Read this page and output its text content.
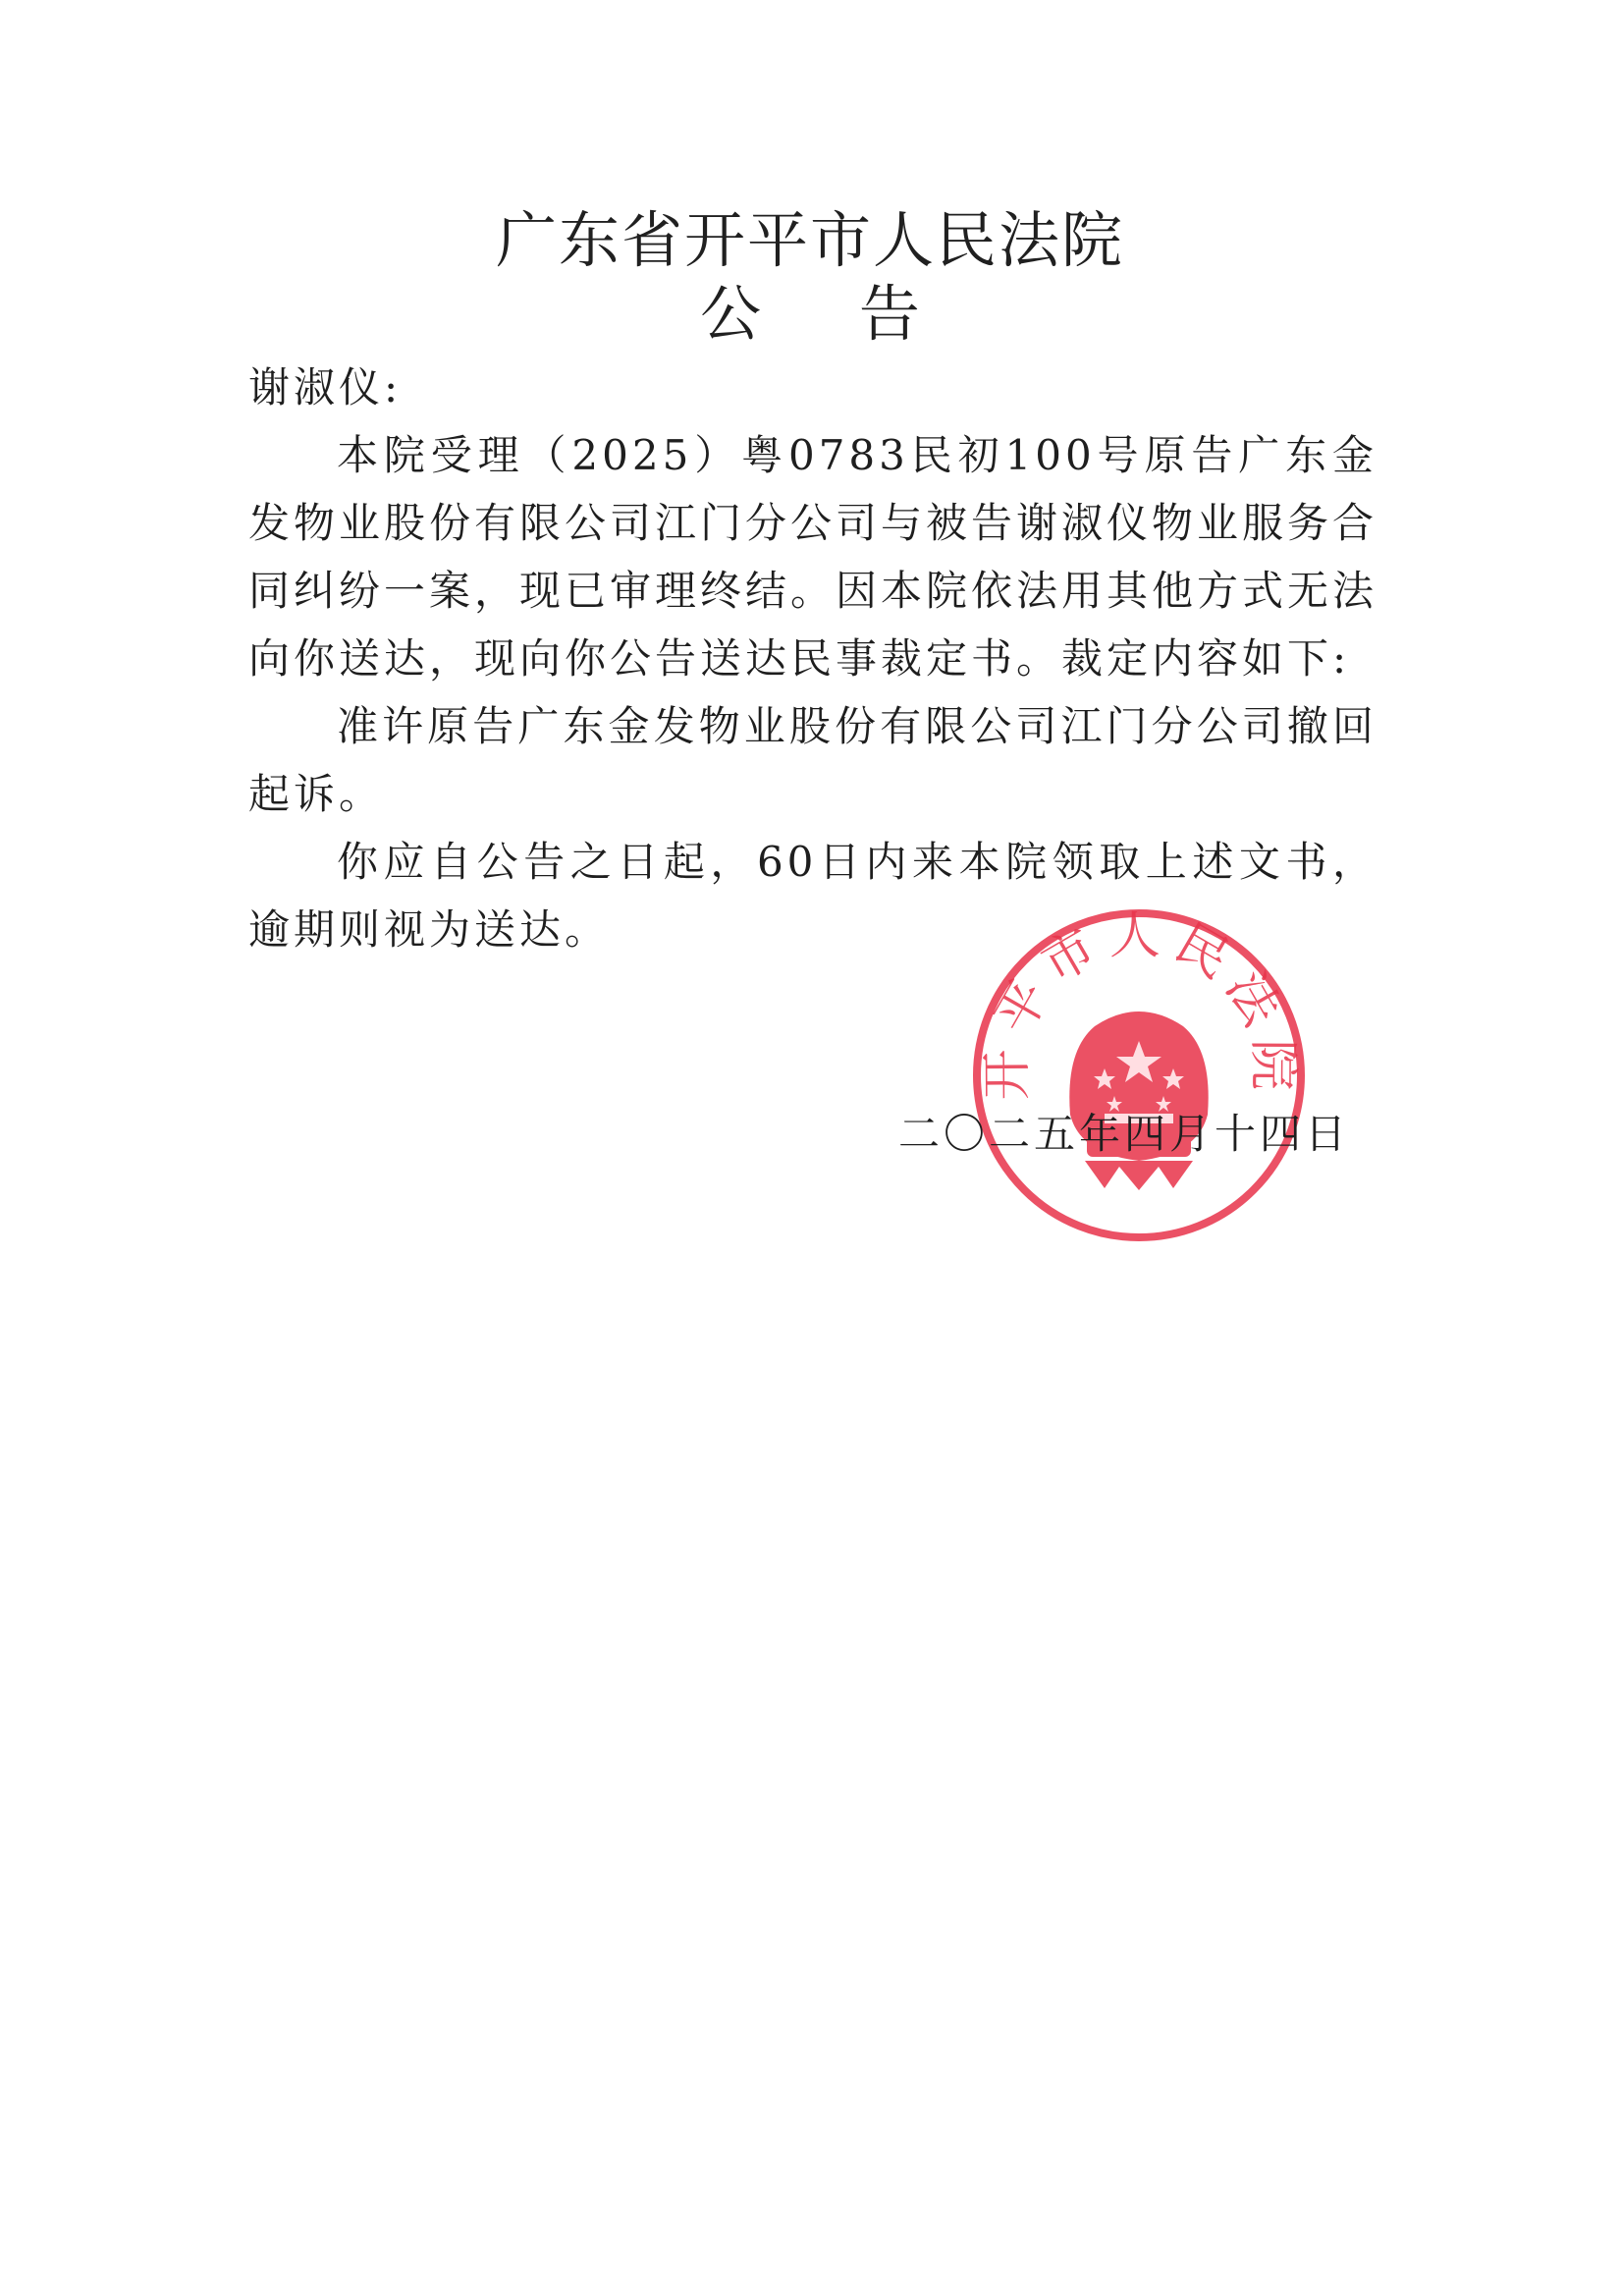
广东省开平市人民法院
公 告

谢淑仪:

本院受理（2025）粤0783民初100号原告广东金发物业股份有限公司江门分公司与被告谢淑仪物业服务合同纠纷一案，现已审理终结。因本院依法用其他方式无法向你送达，现向你公告送达民事裁定书。裁定内容如下:

准许原告广东金发物业股份有限公司江门分公司撤回起诉。

你应自公告之日起，60日内来本院领取上述文书，逾期则视为送达。

开平市人民法院
二〇二五年四月十四日
